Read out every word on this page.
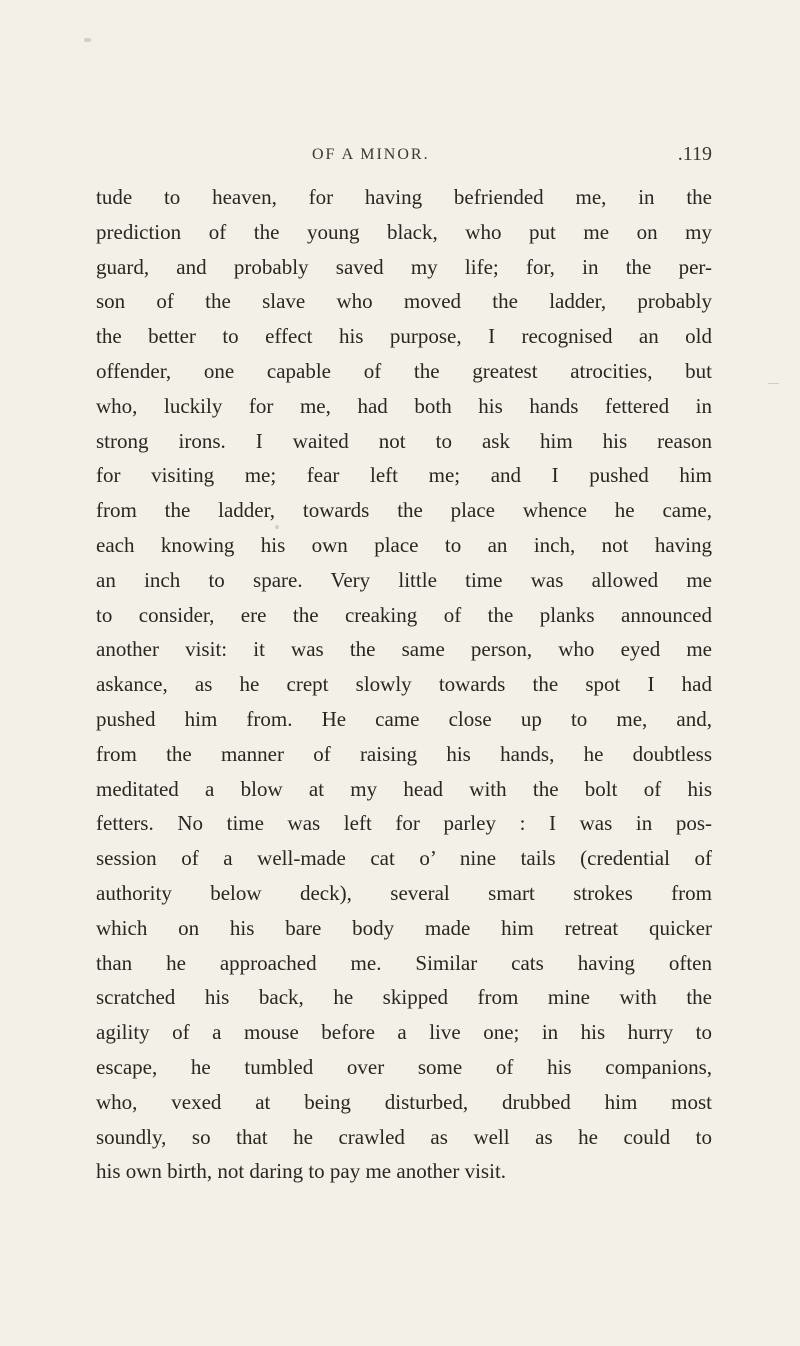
OF A MINOR.	.119
tude to heaven, for having befriended me, in the
prediction of the young black, who put me on my
guard, and probably saved my life; for, in the per-
son of the slave who moved the ladder, probably
the better to effect his purpose, I recognised an old
offender, one capable of the greatest atrocities, but
who, luckily for me, had both his hands fettered in
strong irons. I waited not to ask him his reason
for visiting me; fear left me; and I pushed him
from the ladder, towards the place whence he came,
each knowing his own place to an inch, not having
an inch to spare. Very little time was allowed me
to consider, ere the creaking of the planks announced
another visit: it was the same person, who eyed me
askance, as he crept slowly towards the spot I had
pushed him from. He came close up to me, and,
from the manner of raising his hands, he doubtless
meditated a blow at my head with the bolt of his
fetters. No time was left for parley : I was in pos-
session of a well-made cat o’ nine tails (credential of
authority below deck), several smart strokes from
which on his bare body made him retreat quicker
than he approached me. Similar cats having often
scratched his back, he skipped from mine with the
agility of a mouse before a live one; in his hurry to
escape, he tumbled over some of his companions,
who, vexed at being disturbed, drubbed him most
soundly, so that he crawled as well as he could to
his own birth, not daring to pay me another visit.
